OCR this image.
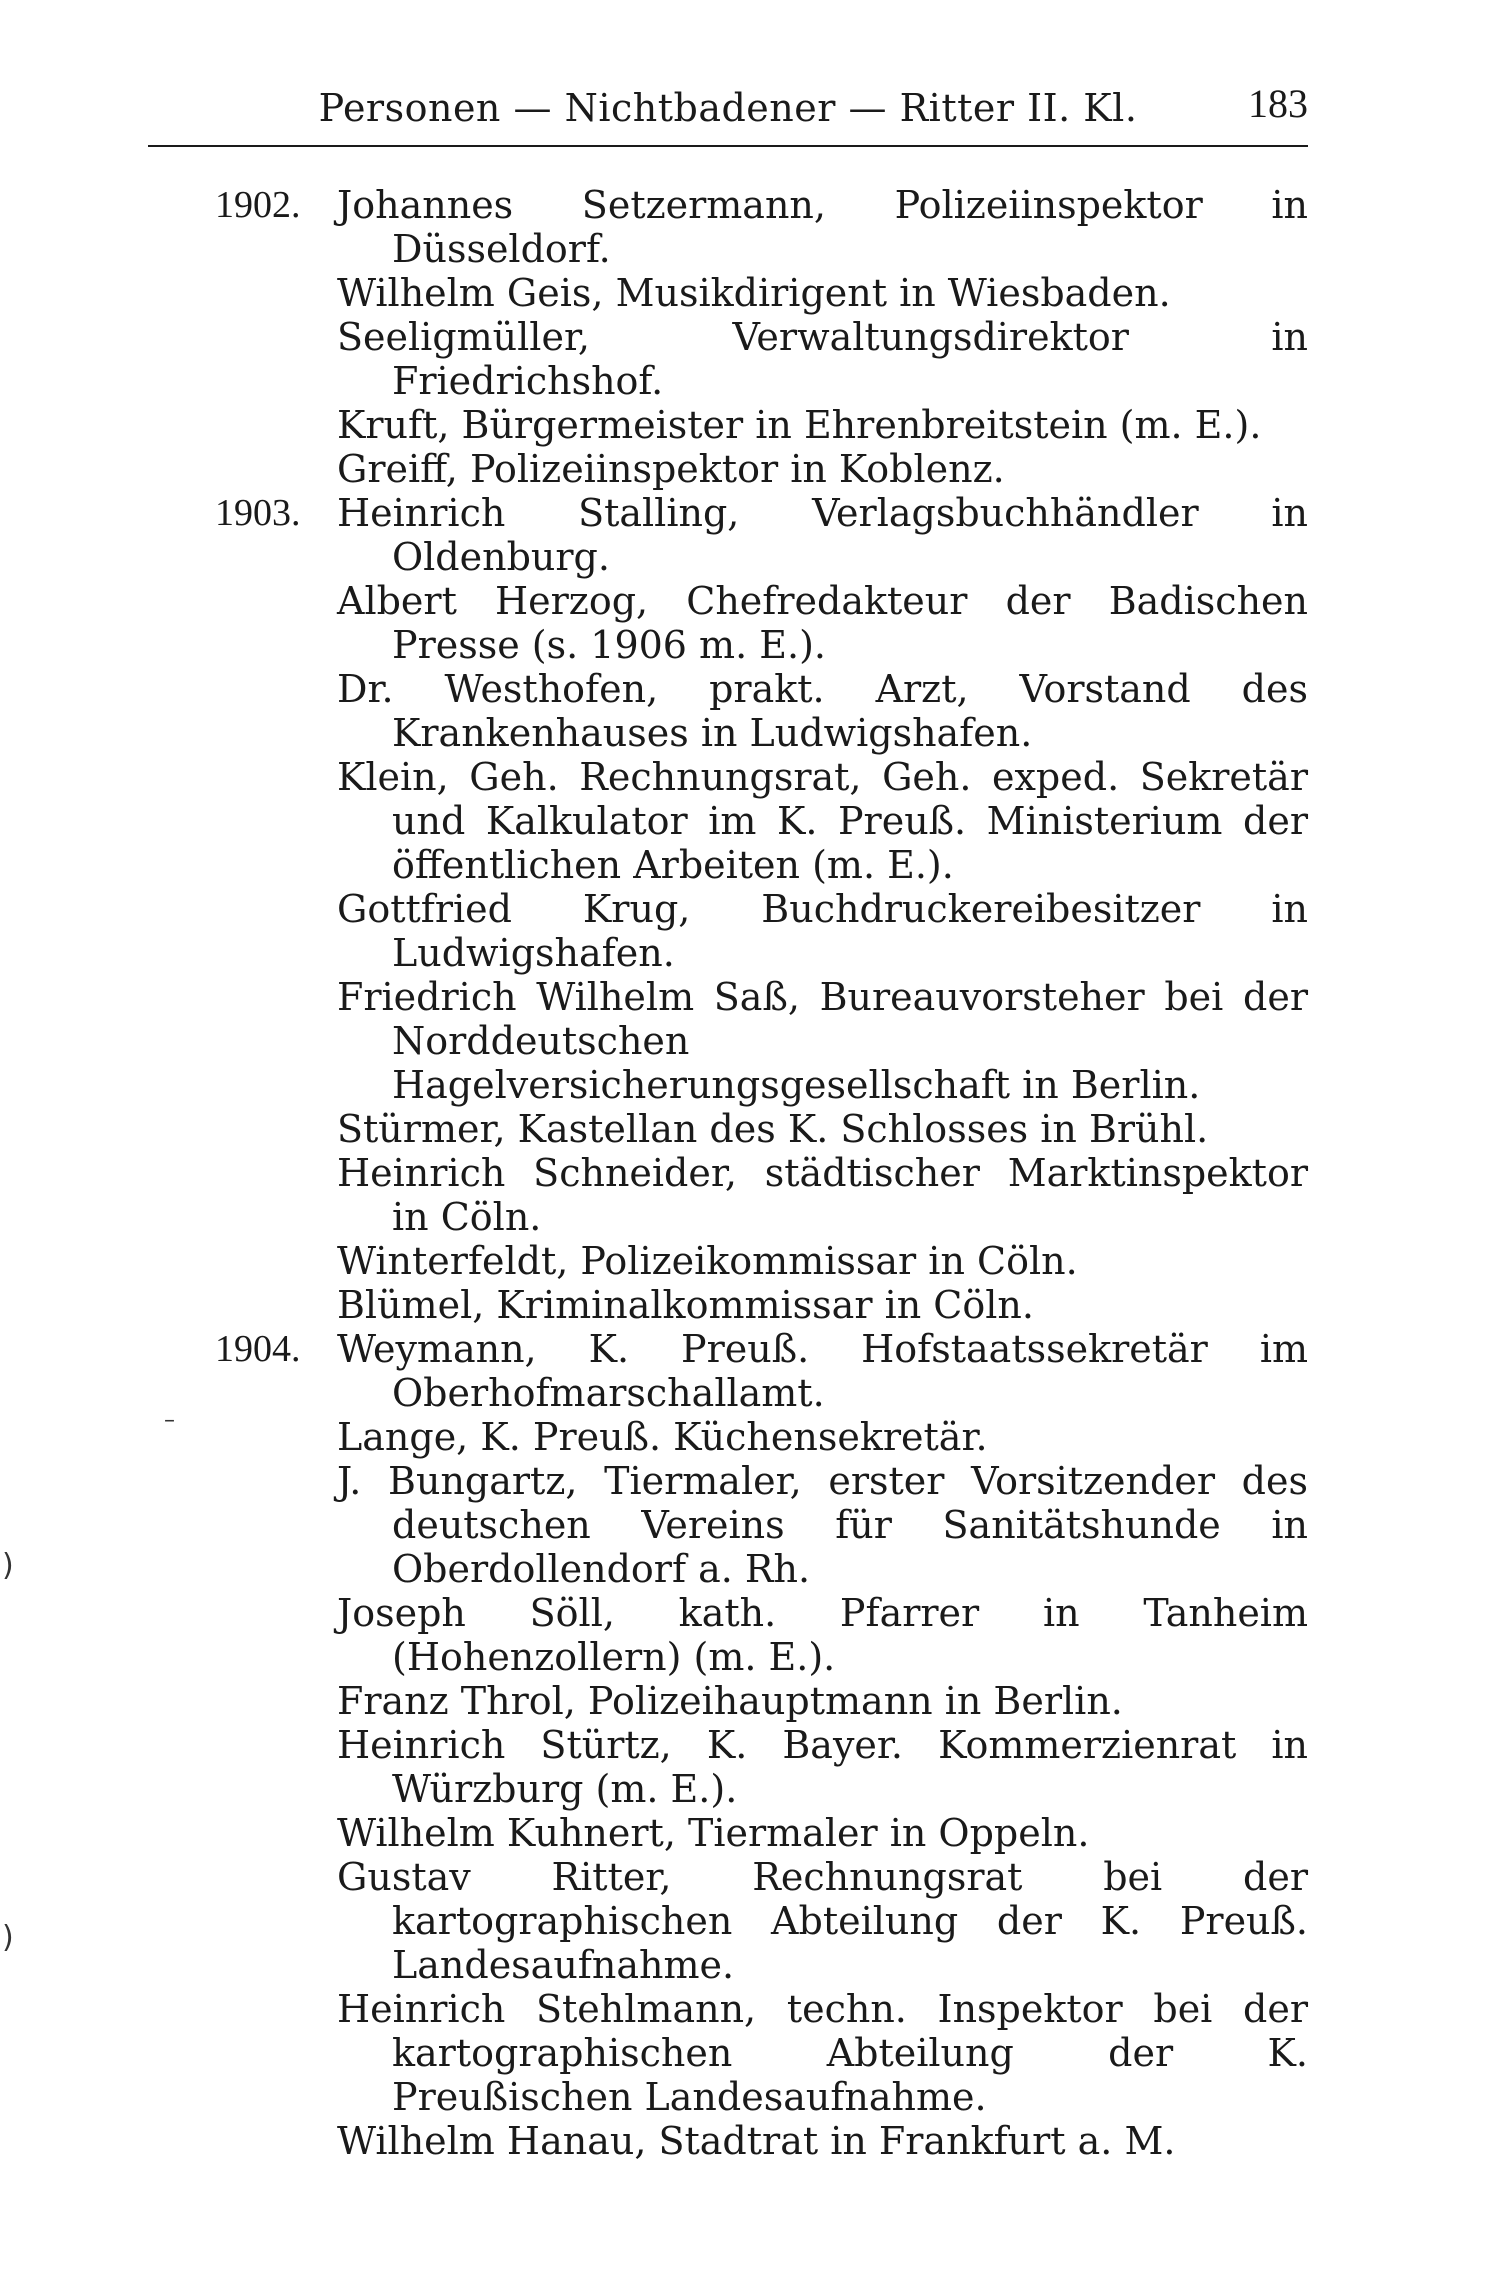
Personen — Nichtbadener — Ritter II. Kl.	183
1902. Johannes Setzermann, Polizeiinspektor in Düsseldorf.
Wilhelm Geis, Musikdirigent in Wiesbaden.
Seeligmüller, Verwaltungsdirektor in Friedrichshof.
Kruft, Bürgermeister in Ehrenbreitstein (m. E.).
Greiff, Polizeiinspektor in Koblenz.
1903. Heinrich Stalling, Verlagsbuchhändler in Oldenburg.
Albert Herzog, Chefredakteur der Badischen Presse (s. 1906 m. E.).
Dr. Westhofen, prakt. Arzt, Vorstand des Krankenhauses in Ludwigshafen.
Klein, Geh. Rechnungsrat, Geh. exped. Sekretär und Kalkulator im K. Preuß. Ministerium der öffentlichen Arbeiten (m. E.).
Gottfried Krug, Buchdruckereibesitzer in Ludwigshafen.
Friedrich Wilhelm Saß, Bureauvorsteher bei der Norddeutschen Hagelversicherungsgesellschaft in Berlin.
Stürmer, Kastellan des K. Schlosses in Brühl.
Heinrich Schneider, städtischer Marktinspektor in Cöln.
Winterfeldt, Polizeikommissar in Cöln.
Blümel, Kriminalkommissar in Cöln.
1904. Weymann, K. Preuß. Hofstaatssekretär im Oberhofmarschallamt.
Lange, K. Preuß. Küchensekretär.
J. Bungartz, Tiermaler, erster Vorsitzender des deutschen Vereins für Sanitätshunde in Oberdollendorf a. Rh.
Joseph Söll, kath. Pfarrer in Tanheim (Hohenzollern) (m. E.).
Franz Throl, Polizeihauptmann in Berlin.
Heinrich Stürtz, K. Bayer. Kommerzienrat in Würzburg (m. E.).
Wilhelm Kuhnert, Tiermaler in Oppeln.
Gustav Ritter, Rechnungsrat bei der kartographischen Abteilung der K. Preuß. Landesaufnahme.
Heinrich Stehlmann, techn. Inspektor bei der kartographischen Abteilung der K. Preußischen Landesaufnahme.
Wilhelm Hanau, Stadtrat in Frankfurt a. M.
–
)
)
